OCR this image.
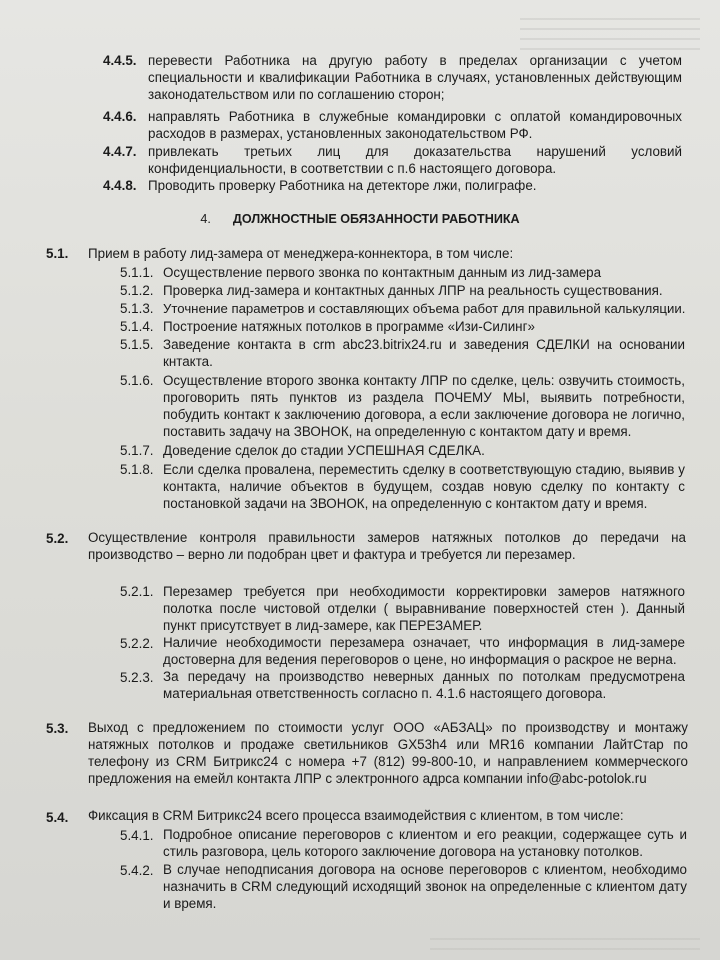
4.4.5. перевести Работника на другую работу в пределах организации с учетом специальности и квалификации Работника в случаях, установленных действующим законодательством или по соглашению сторон;
4.4.6. направлять Работника в служебные командировки с оплатой командировочных расходов в размерах, установленных законодательством РФ.
4.4.7. привлекать третьих лиц для доказательства нарушений условий конфиденциальности, в соответствии с п.6 настоящего договора.
4.4.8. Проводить проверку Работника на детекторе лжи, полиграфе.
4. ДОЛЖНОСТНЫЕ ОБЯЗАННОСТИ РАБОТНИКА
5.1. Прием в работу лид-замера от менеджера-коннектора, в том числе:
5.1.1. Осуществление первого звонка по контактным данным из лид-замера
5.1.2. Проверка лид-замера и контактных данных ЛПР на реальность существования.
5.1.3. Уточнение параметров и составляющих объема работ для правильной калькуляции.
5.1.4. Построение натяжных потолков в программе «Изи-Силинг»
5.1.5. Заведение контакта в crm abc23.bitrix24.ru и заведения СДЕЛКИ на основании кнтакта.
5.1.6. Осуществление второго звонка контакту ЛПР по сделке, цель: озвучить стоимость, проговорить пять пунктов из раздела ПОЧЕМУ МЫ, выявить потребности, побудить контакт к заключению договора, а если заключение договора не логично, поставить задачу на ЗВОНОК, на определенную с контактом дату и время.
5.1.7. Доведение сделок до стадии УСПЕШНАЯ СДЕЛКА.
5.1.8. Если сделка провалена, переместить сделку в соответствующую стадию, выявив у контакта, наличие объектов в будущем, создав новую сделку по контакту с постановкой задачи на ЗВОНОК, на определенную с контактом дату и время.
5.2. Осуществление контроля правильности замеров натяжных потолков до передачи на производство – верно ли подобран цвет и фактура и требуется ли перезамер.
5.2.1. Перезамер требуется при необходимости корректировки замеров натяжного полотка после чистовой отделки ( выравнивание поверхностей стен ). Данный пункт присутствует в лид-замере, как ПЕРЕЗАМЕР.
5.2.2. Наличие необходимости перезамера означает, что информация в лид-замере достоверна для ведения переговоров о цене, но информация о раскрое не верна.
5.2.3. За передачу на производство неверных данных по потолкам предусмотрена материальная ответственность согласно п. 4.1.6 настоящего договора.
5.3. Выход с предложением по стоимости услуг ООО «АБЗАЦ» по производству и монтажу натяжных потолков и продаже светильников GX53h4 или MR16 компании ЛайтСтар по телефону из CRM Битрикс24 с номера +7 (812) 99-800-10, и направлением коммерческого предложения на емейл контакта ЛПР с электронного адрса компании info@abc-potolok.ru
5.4. Фиксация в CRM Битрикс24 всего процесса взаимодействия с клиентом, в том числе:
5.4.1. Подробное описание переговоров с клиентом и его реакции, содержащее суть и стиль разговора, цель которого заключение договора на установку потолков.
5.4.2. В случае неподписания договора на основе переговоров с клиентом, необходимо назначить в CRM следующий исходящий звонок на определенные с клиентом дату и время.
